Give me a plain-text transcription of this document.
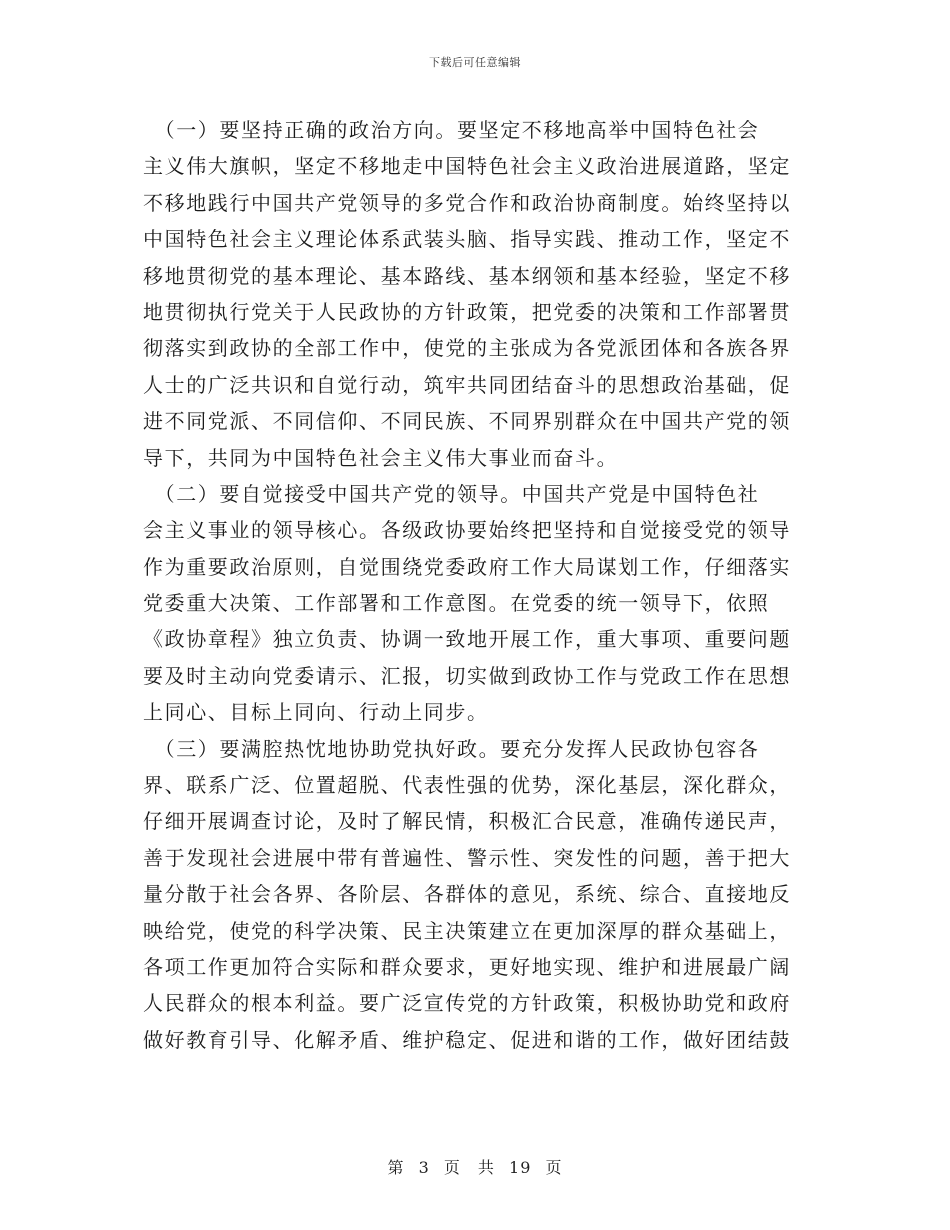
下载后可任意编辑
　（一）要坚持正确的政治方向。要坚定不移地高举中国特色社会
主义伟大旗帜，坚定不移地走中国特色社会主义政治进展道路，坚定
不移地践行中国共产党领导的多党合作和政治协商制度。始终坚持以
中国特色社会主义理论体系武装头脑、指导实践、推动工作，坚定不
移地贯彻党的基本理论、基本路线、基本纲领和基本经验，坚定不移
地贯彻执行党关于人民政协的方针政策，把党委的决策和工作部署贯
彻落实到政协的全部工作中，使党的主张成为各党派团体和各族各界
人士的广泛共识和自觉行动，筑牢共同团结奋斗的思想政治基础，促
进不同党派、不同信仰、不同民族、不同界别群众在中国共产党的领
导下，共同为中国特色社会主义伟大事业而奋斗。
　（二）要自觉接受中国共产党的领导。中国共产党是中国特色社
会主义事业的领导核心。各级政协要始终把坚持和自觉接受党的领导
作为重要政治原则，自觉围绕党委政府工作大局谋划工作，仔细落实
党委重大决策、工作部署和工作意图。在党委的统一领导下，依照
《政协章程》独立负责、协调一致地开展工作，重大事项、重要问题
要及时主动向党委请示、汇报，切实做到政协工作与党政工作在思想
上同心、目标上同向、行动上同步。
　（三）要满腔热忱地协助党执好政。要充分发挥人民政协包容各
界、联系广泛、位置超脱、代表性强的优势，深化基层，深化群众，
仔细开展调查讨论，及时了解民情，积极汇合民意，准确传递民声，
善于发现社会进展中带有普遍性、警示性、突发性的问题，善于把大
量分散于社会各界、各阶层、各群体的意见，系统、综合、直接地反
映给党，使党的科学决策、民主决策建立在更加深厚的群众基础上，
各项工作更加符合实际和群众要求，更好地实现、维护和进展最广阔
人民群众的根本利益。要广泛宣传党的方针政策，积极协助党和政府
做好教育引导、化解矛盾、维护稳定、促进和谐的工作，做好团结鼓
第 3 页　共 19 页
